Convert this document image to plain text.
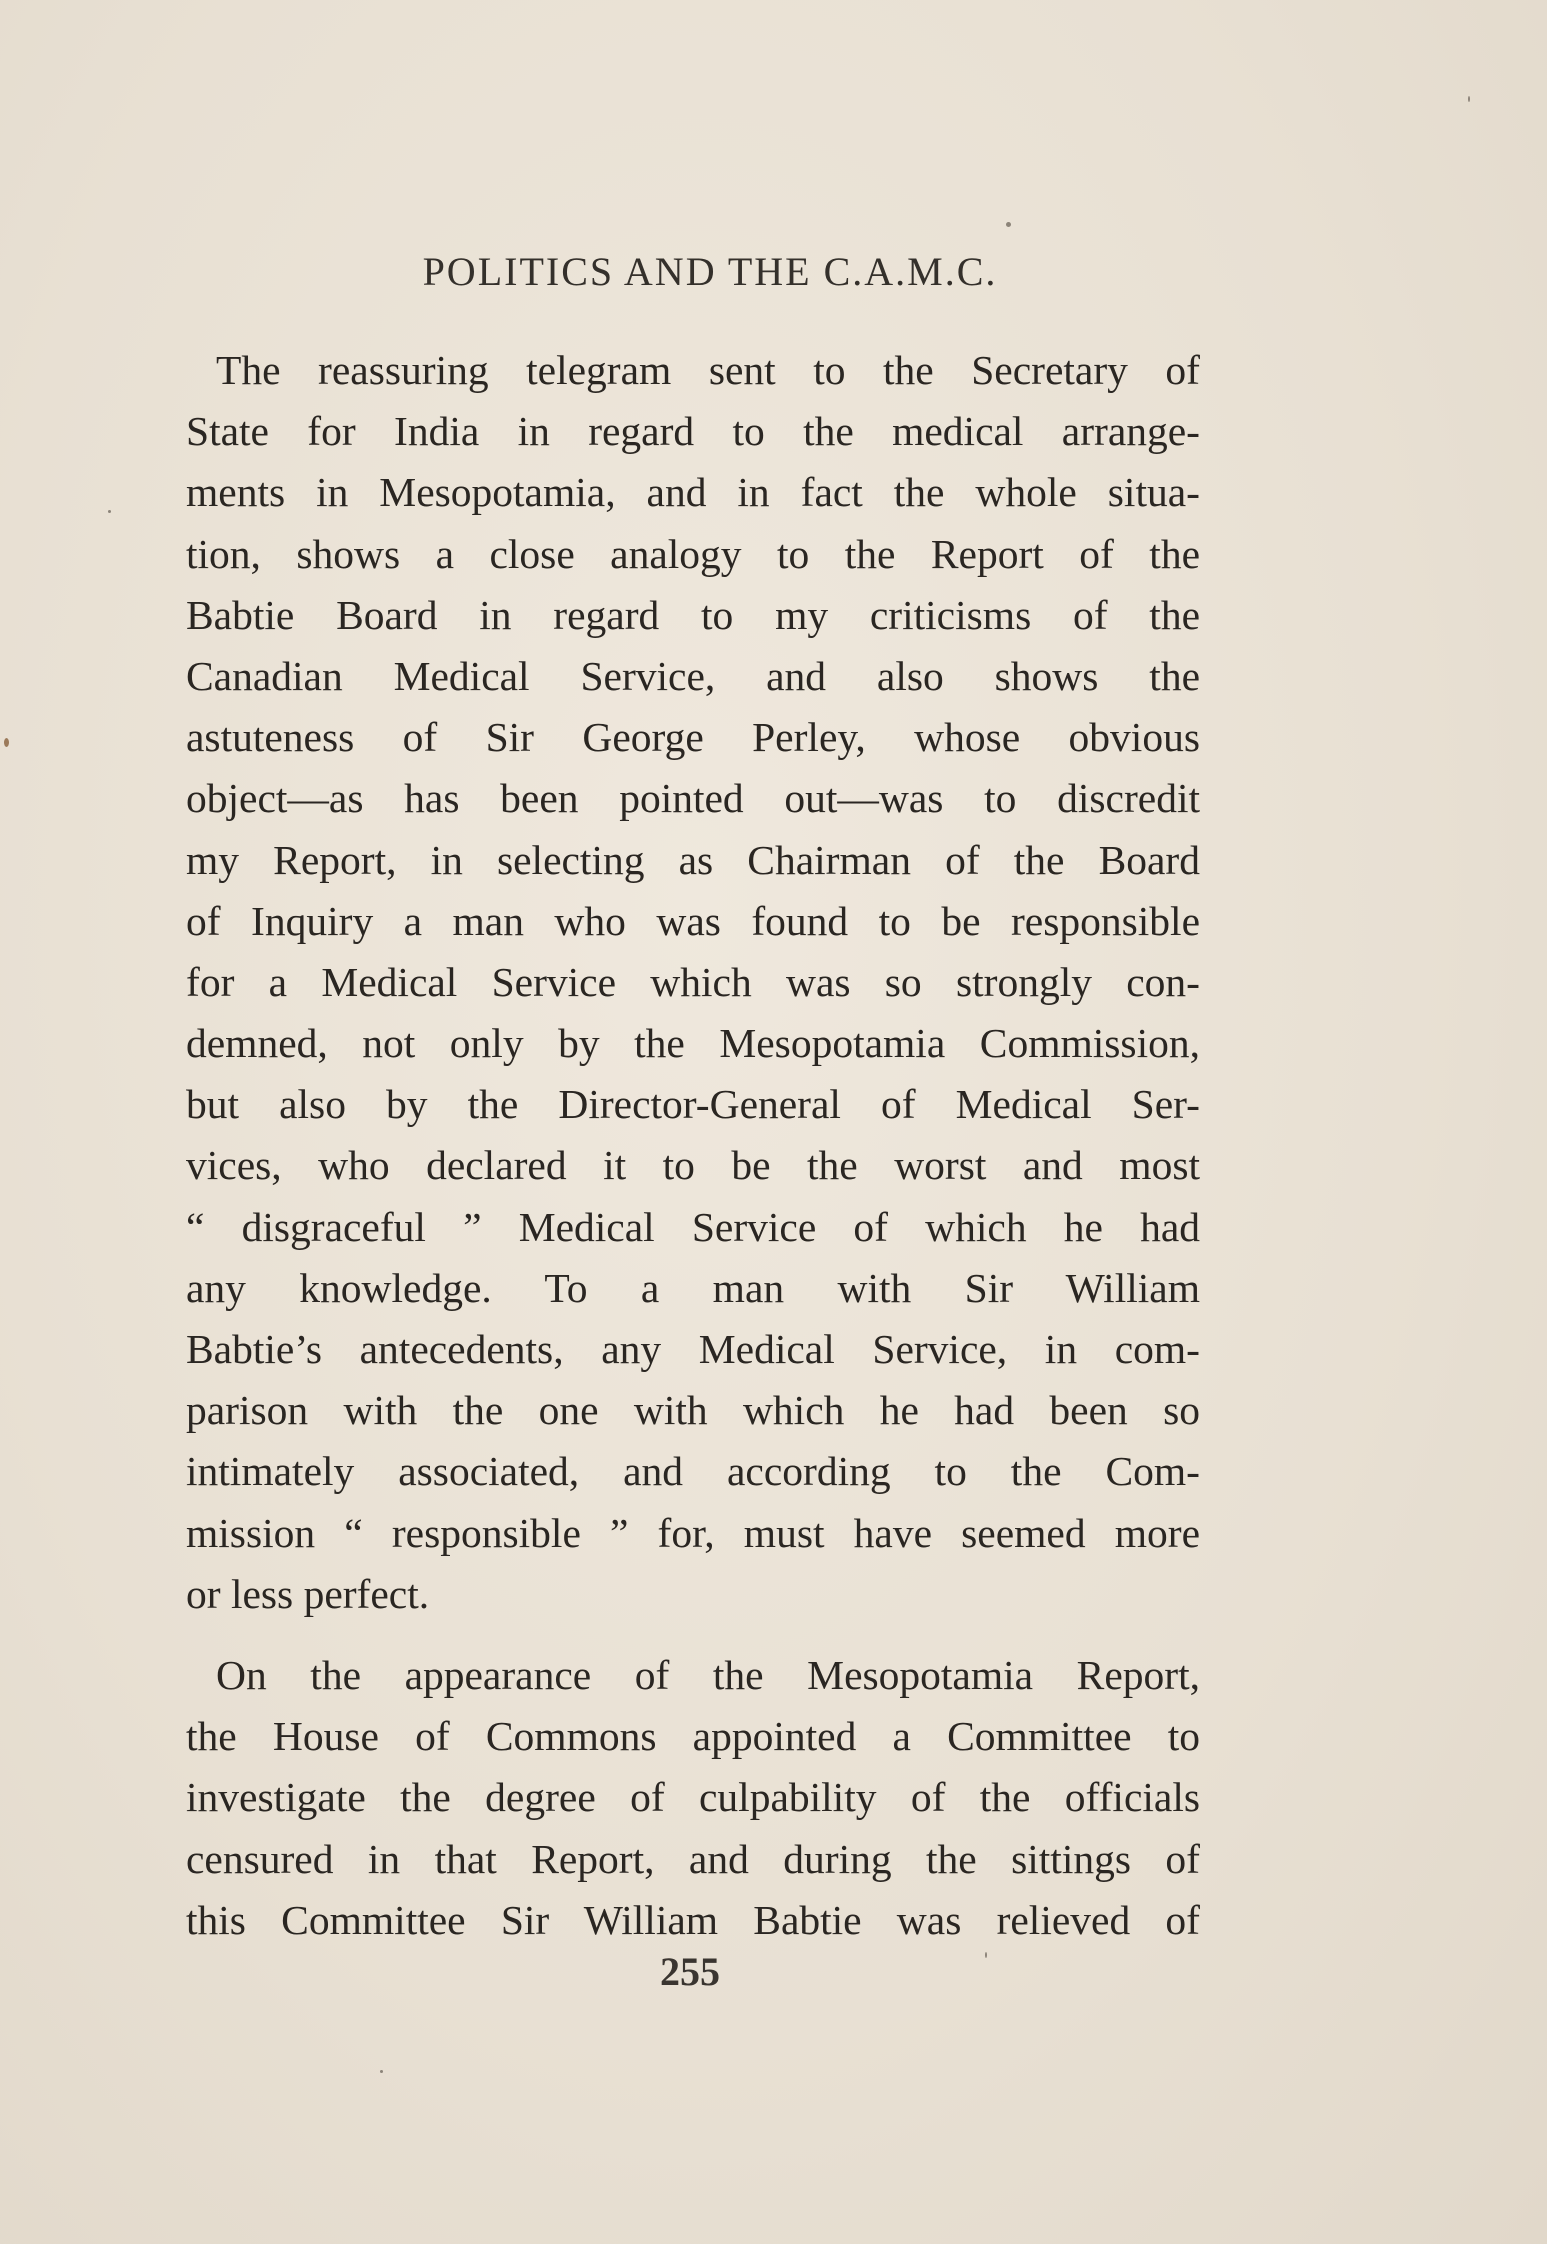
POLITICS AND THE C.A.M.C.
The reassuring telegram sent to the Secretary of
State for India in regard to the medical arrange-
ments in Mesopotamia, and in fact the whole situa-
tion, shows a close analogy to the Report of the
Babtie Board in regard to my criticisms of the
Canadian Medical Service, and also shows the
astuteness of Sir George Perley, whose obvious
object—as has been pointed out—was to discredit
my Report, in selecting as Chairman of the Board
of Inquiry a man who was found to be responsible
for a Medical Service which was so strongly con-
demned, not only by the Mesopotamia Commission,
but also by the Director-General of Medical Ser-
vices, who declared it to be the worst and most
“ disgraceful ” Medical Service of which he had
any knowledge. To a man with Sir William
Babtie’s antecedents, any Medical Service, in com-
parison with the one with which he had been so
intimately associated, and according to the Com-
mission “ responsible ” for, must have seemed more
or less perfect.
On the appearance of the Mesopotamia Report,
the House of Commons appointed a Committee to
investigate the degree of culpability of the officials
censured in that Report, and during the sittings of
this Committee Sir William Babtie was relieved of
255
